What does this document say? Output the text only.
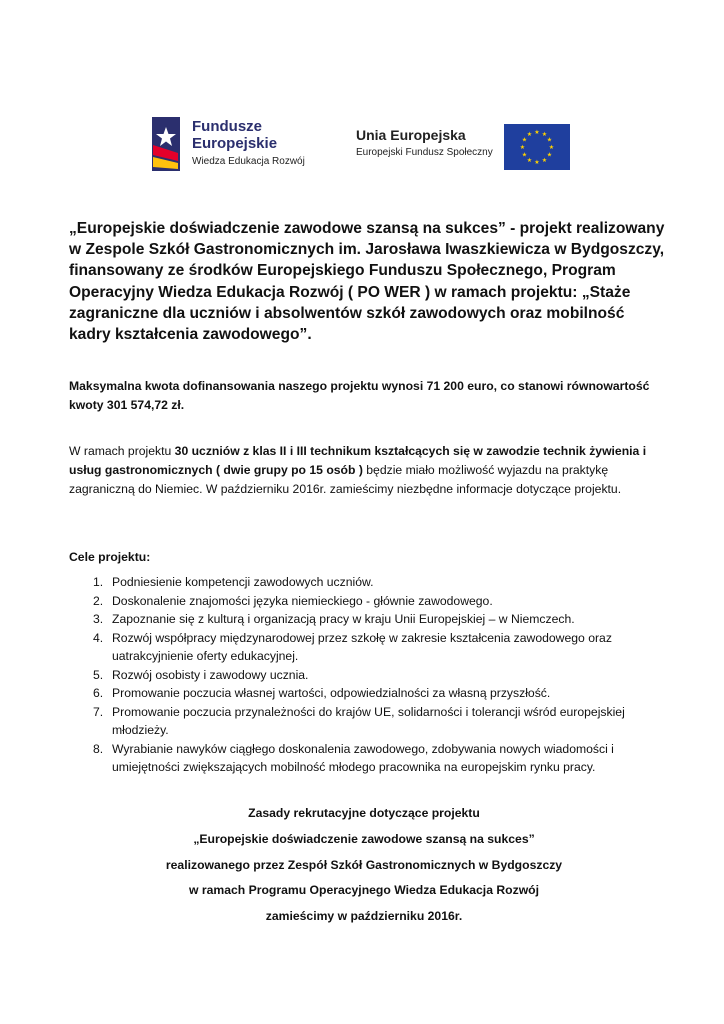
Fundusze
Europejskie
Wiedza Edukacja Rozwój
Unia Europejska
Europejski Fundusz Społeczny
★ ★
★
★
★
★
★
★
★
★
★
★

„Europejskie doświadczenie zawodowe szansą na sukces” - projekt realizowany w Zespole Szkół Gastronomicznych im. Jarosława Iwaszkiewicza w Bydgoszczy, finansowany ze środków Europejskiego Funduszu Społecznego, Program Operacyjny Wiedza Edukacja Rozwój ( PO WER ) w ramach projektu: „Staże zagraniczne dla uczniów i absolwentów szkół zawodowych oraz mobilność kadry kształcenia zawodowego”.

Maksymalna kwota dofinansowania naszego projektu wynosi 71 200 euro, co stanowi równowartość kwoty 301 574,72 zł.

W ramach projektu 30 uczniów z klas II i III technikum kształcących się w zawodzie technik żywienia i usług gastronomicznych ( dwie grupy po 15 osób ) będzie miało możliwość wyjazdu na praktykę zagraniczną do Niemiec. W październiku 2016r. zamieścimy niezbędne informacje dotyczące projektu.

Cele projektu:

1. Podniesienie kompetencji zawodowych uczniów.
2. Doskonalenie znajomości języka niemieckiego - głównie zawodowego.
3. Zapoznanie się z kulturą i organizacją pracy w kraju Unii Europejskiej – w Niemczech.
4. Rozwój współpracy międzynarodowej przez szkołę w zakresie kształcenia zawodowego oraz uatrakcyjnienie oferty edukacyjnej.
5. Rozwój osobisty i zawodowy ucznia.
6. Promowanie poczucia własnej wartości, odpowiedzialności za własną przyszłość.
7. Promowanie poczucia przynależności do krajów UE, solidarności i tolerancji wśród europejskiej młodzieży.
8. Wyrabianie nawyków ciągłego doskonalenia zawodowego, zdobywania nowych wiadomości i umiejętności zwiększających mobilność młodego pracownika na europejskim rynku pracy.
Zasady rekrutacyjne dotyczące projektu
„Europejskie doświadczenie zawodowe szansą na sukces”
realizowanego przez Zespół Szkół Gastronomicznych w Bydgoszczy
w ramach Programu Operacyjnego Wiedza Edukacja Rozwój
zamieścimy w październiku 2016r.
